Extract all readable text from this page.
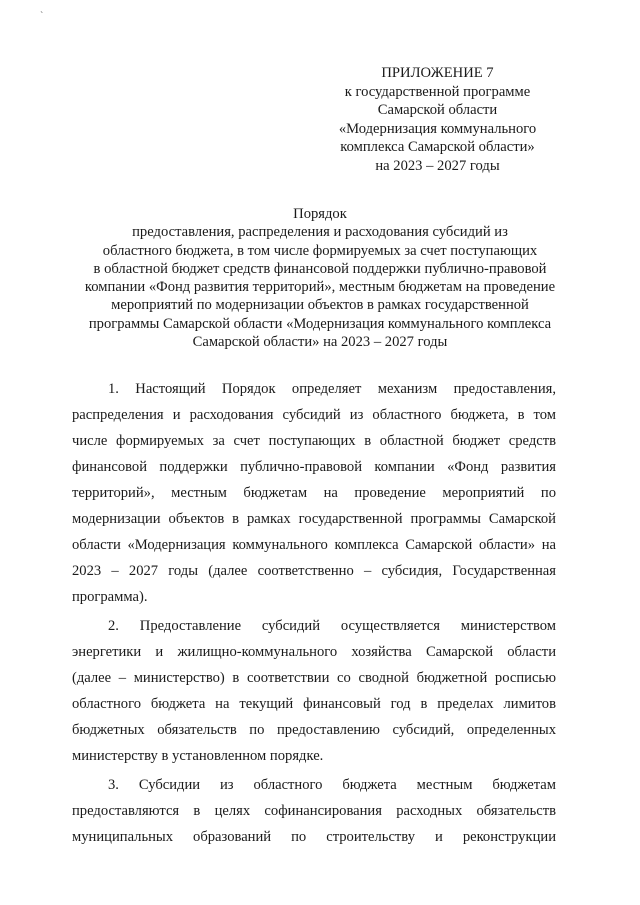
`
ПРИЛОЖЕНИЕ 7
к государственной программе
Самарской области
«Модернизация коммунального
комплекса Самарской области»
на 2023 – 2027 годы
Порядок
предоставления, распределения и расходования субсидий из
областного бюджета, в том числе формируемых за счет поступающих
в областной бюджет средств финансовой поддержки публично-правовой
компании «Фонд развития территорий», местным бюджетам на проведение
мероприятий по модернизации объектов в рамках государственной
программы Самарской области «Модернизация коммунального комплекса
Самарской области» на 2023 – 2027 годы
1. Настоящий Порядок определяет механизм предоставления,
распределения и расходования субсидий из областного бюджета, в том
числе формируемых за счет поступающих в областной бюджет средств
финансовой поддержки публично-правовой компании «Фонд развития
территорий», местным бюджетам на проведение мероприятий по
модернизации объектов в рамках государственной программы Самарской
области «Модернизация коммунального комплекса Самарской области» на
2023 – 2027 годы (далее соответственно – субсидия, Государственная
программа).
2. Предоставление субсидий осуществляется министерством
энергетики и жилищно-коммунального хозяйства Самарской области
(далее – министерство) в соответствии со сводной бюджетной росписью
областного бюджета на текущий финансовый год в пределах лимитов
бюджетных обязательств по предоставлению субсидий, определенных
министерству в установленном порядке.
3. Субсидии из областного бюджета местным бюджетам
предоставляются в целях софинансирования расходных обязательств
муниципальных образований по строительству и реконструкции
